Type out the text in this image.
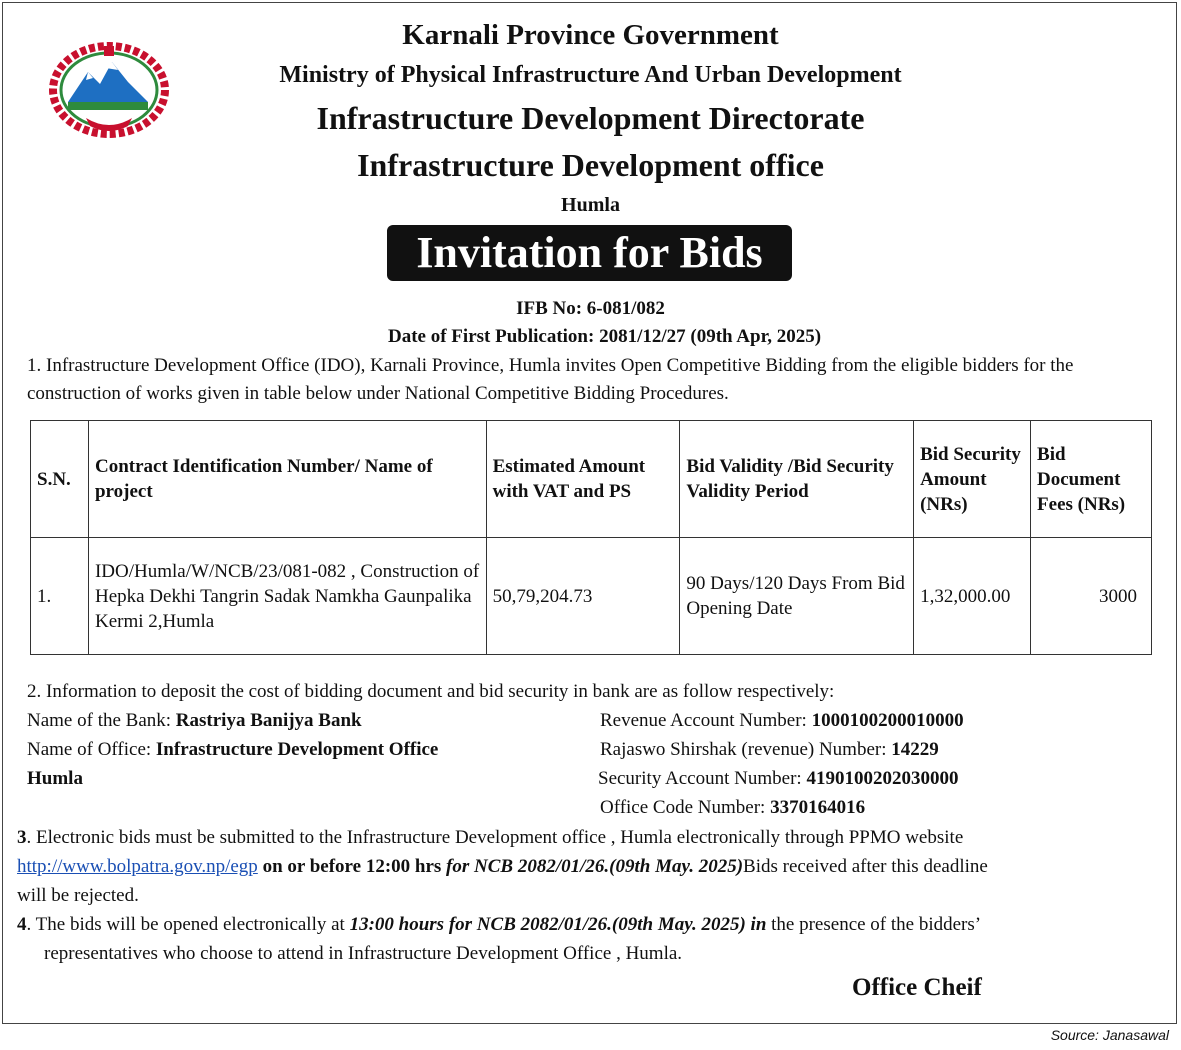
Karnali Province Government
Ministry of Physical Infrastructure And Urban Development
Infrastructure Development Directorate
Infrastructure Development office
Humla
Invitation for Bids
IFB No: 6-081/082
Date of First Publication: 2081/12/27 (09th Apr, 2025)
1. Infrastructure Development Office (IDO), Karnali Province, Humla invites Open Competitive Bidding from the eligible bidders for the construction of works given in table below under National Competitive Bidding Procedures.
S.N.	Contract Identification Number/ Name of project	Estimated Amount with VAT and PS	Bid Validity /Bid Security Validity Period	Bid Security Amount (NRs)	Bid Document Fees (NRs)
1.	IDO/Humla/W/NCB/23/081-082 , Construction of Hepka Dekhi Tangrin Sadak Namkha Gaunpalika Kermi 2,Humla	50,79,204.73	90 Days/120 Days From Bid Opening Date	1,32,000.00	3000
2. Information to deposit the cost of bidding document and bid security in bank are as follow respectively:
Name of the Bank: Rastriya Banijya Bank
Name of Office: Infrastructure Development Office
Humla
Revenue Account Number: 1000100200010000
Rajaswo Shirshak (revenue) Number: 14229
Security Account Number: 4190100202030000
Office Code Number: 3370164016
3. Electronic bids must be submitted to the Infrastructure Development office , Humla electronically through PPMO website
http://www.bolpatra.gov.np/egp on or before 12:00 hrs for NCB 2082/01/26.(09th May. 2025)Bids received after this deadline
will be rejected.
4. The bids will be opened electronically at 13:00 hours for NCB 2082/01/26.(09th May. 2025) in the presence of the bidders’
representatives who choose to attend in Infrastructure Development Office , Humla.
Office Cheif
Source: Janasawal
